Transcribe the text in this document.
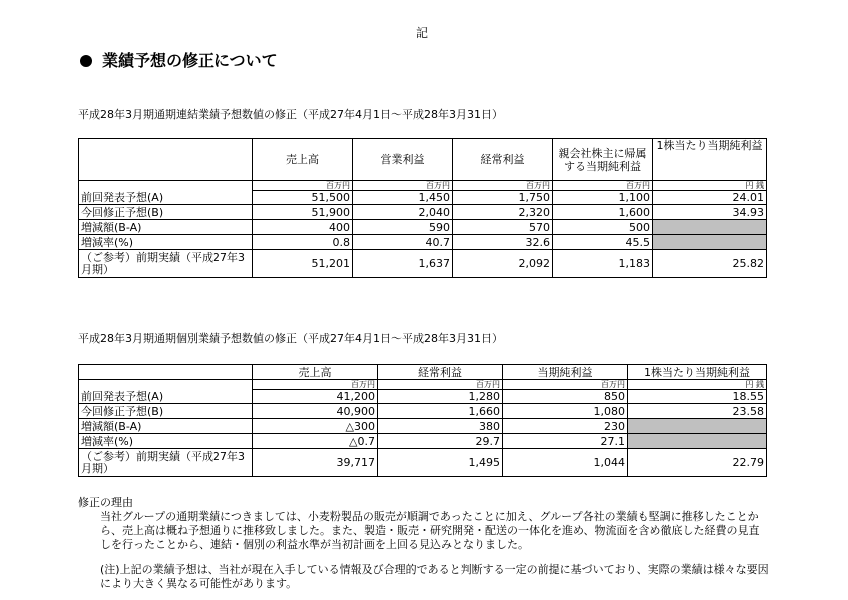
記
業績予想の修正について
平成28年3月期通期連結業績予想数値の修正（平成27年4月1日～平成28年3月31日）
	売上高	営業利益	経常利益	親会社株主に帰属する当期純利益	1株当たり当期純利益
	百万円	百万円	百万円	百万円	円 銭
前回発表予想(A)	51,500	1,450	1,750	1,100	24.01
今回修正予想(B)	51,900	2,040	2,320	1,600	34.93
増減額(B-A)	400	590	570	500	
増減率(%)	0.8	40.7	32.6	45.5	
（ご参考）前期実績（平成27年3月期）	51,201	1,637	2,092	1,183	25.82
平成28年3月期通期個別業績予想数値の修正（平成27年4月1日～平成28年3月31日）
	売上高	経常利益	当期純利益	1株当たり当期純利益
	百万円	百万円	百万円	円 銭
前回発表予想(A)	41,200	1,280	850	18.55
今回修正予想(B)	40,900	1,660	1,080	23.58
増減額(B-A)	△300	380	230	
増減率(%)	△0.7	29.7	27.1	
（ご参考）前期実績（平成27年3月期）	39,717	1,495	1,044	22.79
修正の理由
当社グループの通期業績につきましては、小麦粉製品の販売が順調であったことに加え、グループ各社の業績も堅調に推移したことから、売上高は概ね予想通りに推移致しました。また、製造・販売・研究開発・配送の一体化を進め、物流面を含め徹底した経費の見直しを行ったことから、連結・個別の利益水準が当初計画を上回る見込みとなりました。
(注)上記の業績予想は、当社が現在入手している情報及び合理的であると判断する一定の前提に基づいており、実際の業績は様々な要因により大きく異なる可能性があります。
